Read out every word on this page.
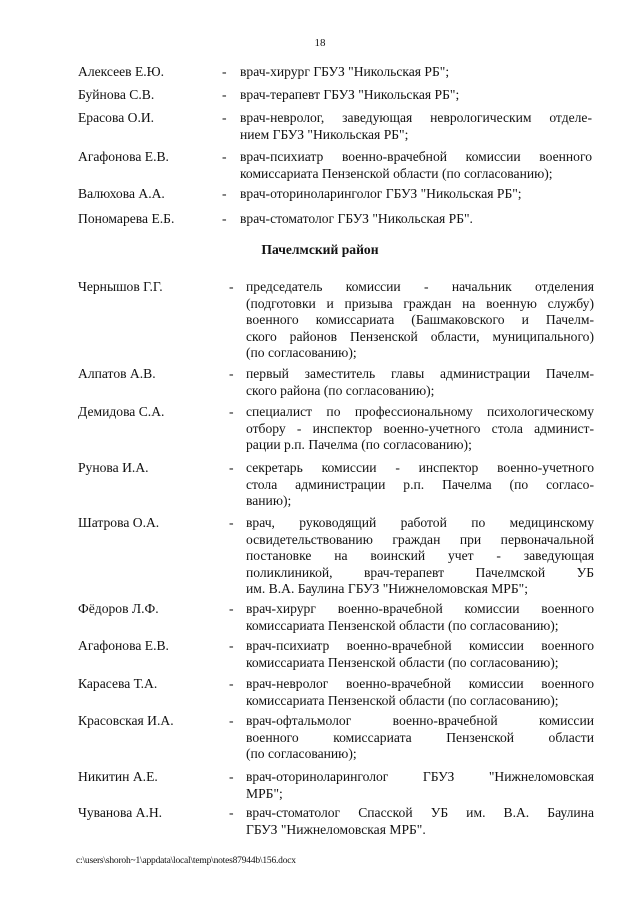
18
Алексеев Е.Ю.	- врач-хирург ГБУЗ "Никольская РБ";
Буйнова С.В.	- врач-терапевт ГБУЗ "Никольская РБ";
Ерасова О.И.	- врач-невролог, заведующая неврологическим отделе-
нием ГБУЗ "Никольская РБ";
Агафонова Е.В.	- врач-психиатр военно-врачебной комиссии военного
комиссариата Пензенской области (по согласованию);
Валюхова А.А.	- врач-оториноларинголог ГБУЗ "Никольская РБ";
Пономарева Е.Б.	- врач-стоматолог ГБУЗ "Никольская РБ".
Пачелмский район
Чернышов Г.Г.	- председатель комиссии - начальник отделения
(подготовки и призыва граждан на военную службу)
военного комиссариата (Башмаковского и Пачелм-
ского районов Пензенской области, муниципального)
(по согласованию);
Алпатов А.В.	- первый заместитель главы администрации Пачелм-
ского района (по согласованию);
Демидова С.А.	- специалист по профессиональному психологическому
отбору - инспектор военно-учетного стола админист-
рации р.п. Пачелма (по согласованию);
Рунова И.А.	- секретарь комиссии - инспектор военно-учетного
стола администрации р.п. Пачелма (по согласо-
ванию);
Шатрова О.А.	- врач, руководящий работой по медицинскому
освидетельствованию граждан при первоначальной
постановке на воинский учет - заведующая
поликлиникой, врач-терапевт Пачелмской УБ
им. В.А. Баулина ГБУЗ "Нижнеломовская МРБ";
Фёдоров Л.Ф.	- врач-хирург военно-врачебной комиссии военного
комиссариата Пензенской области (по согласованию);
Агафонова Е.В.	- врач-психиатр военно-врачебной комиссии военного
комиссариата Пензенской области (по согласованию);
Карасева Т.А.	- врач-невролог военно-врачебной комиссии военного
комиссариата Пензенской области (по согласованию);
Красовская И.А.	- врач-офтальмолог военно-врачебной комиссии
военного комиссариата Пензенской области
(по согласованию);
Никитин А.Е.	- врач-оториноларинголог ГБУЗ "Нижнеломовская
МРБ";
Чуванова А.Н.	- врач-стоматолог Спасской УБ им. В.А. Баулина
ГБУЗ "Нижнеломовская МРБ".
c:\users\shoroh~1\appdata\local\temp\notes87944b\156.docx
